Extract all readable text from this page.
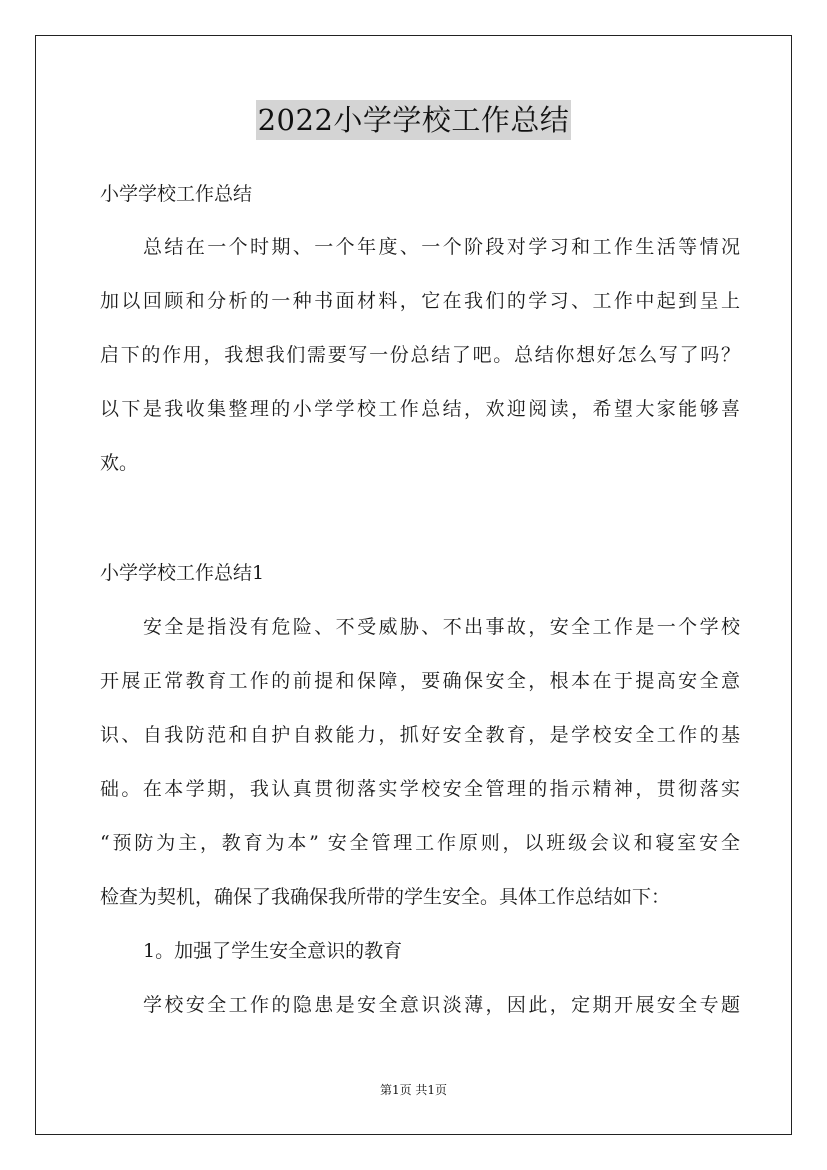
2022小学学校工作总结
小学学校工作总结
总结在一个时期、一个年度、一个阶段对学习和工作生活等情况
加以回顾和分析的一种书面材料，它在我们的学习、工作中起到呈上
启下的作用，我想我们需要写一份总结了吧。总结你想好怎么写了吗？
以下是我收集整理的小学学校工作总结，欢迎阅读，希望大家能够喜
欢。
小学学校工作总结1
安全是指没有危险、不受威胁、不出事故，安全工作是一个学校
开展正常教育工作的前提和保障，要确保安全，根本在于提高安全意
识、自我防范和自护自救能力，抓好安全教育，是学校安全工作的基
础。在本学期，我认真贯彻落实学校安全管理的指示精神，贯彻落实
“预防为主，教育为本” 安全管理工作原则，以班级会议和寝室安全
检查为契机，确保了我确保我所带的学生安全。具体工作总结如下：
1。加强了学生安全意识的教育
学校安全工作的隐患是安全意识淡薄，因此，定期开展安全专题
第1页 共1页
